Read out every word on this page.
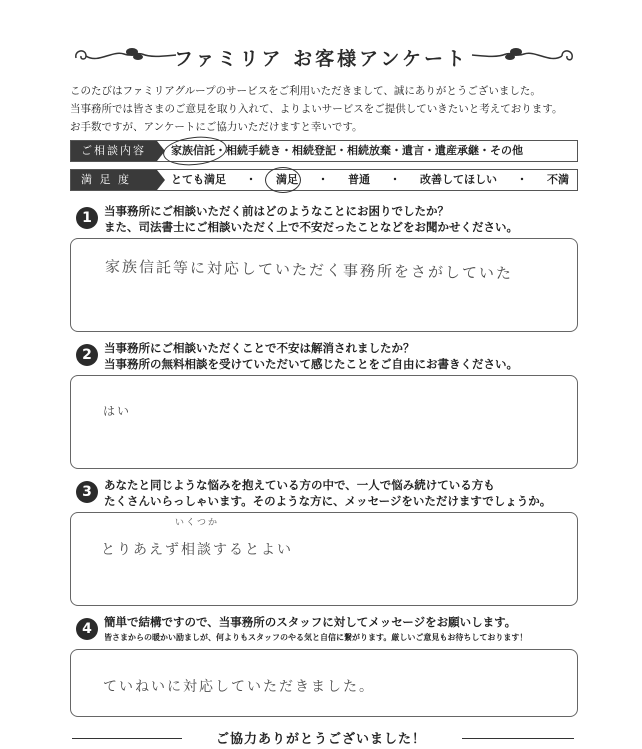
ファミリア お客様アンケート
このたびはファミリアグループのサービスをご利用いただきまして、誠にありがとうございました。
当事務所では皆さまのご意見を取り入れて、よりよいサービスをご提供していきたいと考えております。
お手数ですが、アンケートにご協力いただけますと幸いです。
ご相談内容	家族信託・相続手続き・相続登記・相続放棄・遺言・遺産承継・その他
満 足 度	とても満足 ・ 満足 ・ 普通 ・ 改善してほしい ・ 不満
1	当事務所にご相談いただく前はどのようなことにお困りでしたか？
また、司法書士にご相談いただく上で不安だったことなどをお聞かせください。
家族信託等に対応していただく事務所をさがしていた
2	当事務所にご相談いただくことで不安は解消されましたか？
当事務所の無料相談を受けていただいて感じたことをご自由にお書きください。
はい
3	あなたと同じような悩みを抱えている方の中で、一人で悩み続けている方も
たくさんいらっしゃいます。そのような方に、メッセージをいただけますでしょうか。
いくつか
とりあえず相談するとよい
4	簡単で結構ですので、当事務所のスタッフに対してメッセージをお願いします。
皆さまからの暖かい励ましが、何よりもスタッフのやる気と自信に繋がります。厳しいご意見もお待ちしております！
ていねいに対応していただきました。
ご協力ありがとうございました！
